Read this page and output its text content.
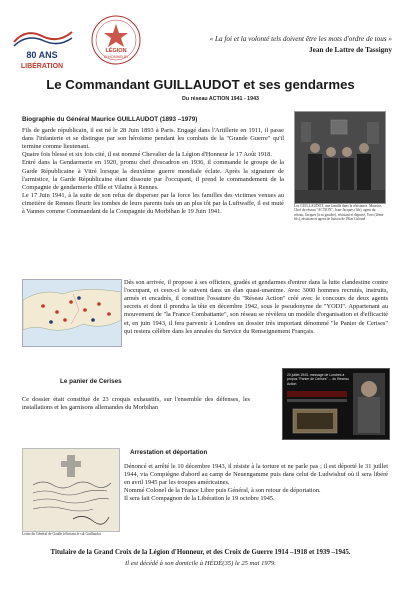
80 ANS
LIBÉRATION
LÉGION
D'HONNEUR
« La foi et la volonté tels doivent être les mots d'ordre de tous »
Jean de Lattre de Tassigny
Le Commandant GUILLAUDOT et ses gendarmes
Du réseau ACTION 1941 - 1943
Biographie du Général Maurice GUILLAUDOT (1893 –1979)

Fils de garde républicain, il est né le 28 Juin 1893 à Paris. Engagé dans l'Artillerie en 1911, il passe dans l'infanterie et se distingue par son héroïsme pendant les combats de la "Grande Guerre" qu'il termine comme lieutenant.

Quatre fois blessé et six fois cité, il est nommé Chevalier de la Légion d'Honneur le 17 Août 1918.

Entré dans la Gendarmerie en 1920, promu chef d'escadron en 1936, il commande le groupe de la Garde Républicaine à Vitré lorsque la deuxième guerre mondiale éclate. Après la signature de l'armistice, la Garde Républicaine étant dissoute par l'occupant, il prend le commandement de la Compagnie de gendarmerie d'Ille et Vilaine à Rennes.

Le 17 Juin 1941, à la suite de son refus de disperser par la force les familles des victimes venues au cimetière de Rennes fleurir les tombes de leurs parents tués un an plus tôt par la Luftwaffe, il est muté à Vannes comme Commandant de la Compagnie du Morbihan le 19 Juin 1941.

Les GUILLAUDOT, une famille dans la résistance. Maurice, Chef du réseau "ACTION", Jean-Jacques (fils), agent du réseau, Jacques (à sa gauche), résistant et déporté, Yves (2ème fils), résistant et agent de liaison de l'Etat Colonel
Dès son arrivée, il propose à ses officiers, gradés et gendarmes d'entrer dans la lutte clandestine contre l'occupant, et ceux-ci le suivent dans un élan quasi-unanime. Avec 3000 hommes recrutés, instruits, armés et encadrés, il constitue l'ossature du "Réseau Action" créé avec le concours de deux agents secrets et dont il prendra la tête en décembre 1942, sous le pseudonyme de "YODI". Appartenant au mouvement de "la France Combattante", son réseau se révèlera un modèle d'organisation et d'efficacité et, en juin 1943, il fera parvenir à Londres un dossier très important dénommé "le Panier de Cerises" qui restera célèbre dans les annales du Service du Renseignement Français.
Le panier de Cerises
Ce dossier était constitué de 23 croquis exhaustifs, sur l'ensemble des défenses, les installations et les garnisons allemandes du Morbihan
20 juillet 1943, message de Londres à propos "Panier de Cerises" ... du Reseau Action
Arrestation et déportation

Dénoncé et arrêté le 10 décembre 1943, il résiste à la torture et ne parle pas ; il est déporté le 31 juillet 1944, via Compiègne d'abord au camp de Neuengamme puis dans celui de Ludwishuf où il sera libéré en avril 1945 par les troupes américaines.

Nommé Colonel de la France Libre puis Général, à son retour de déportation.

Il sera fait Compagnon de la Libération le 19 octobre 1945.

Lettre du Général de Gaulle félicitant le cdt Guillaudot
Titulaire de la Grand Croix de la Légion d'Honneur, et des Croix de Guerre 1914 –1918 et 1939 –1945.
Il est décédé à son domicile à HÉDÉ(35) le 25 mai 1979.
